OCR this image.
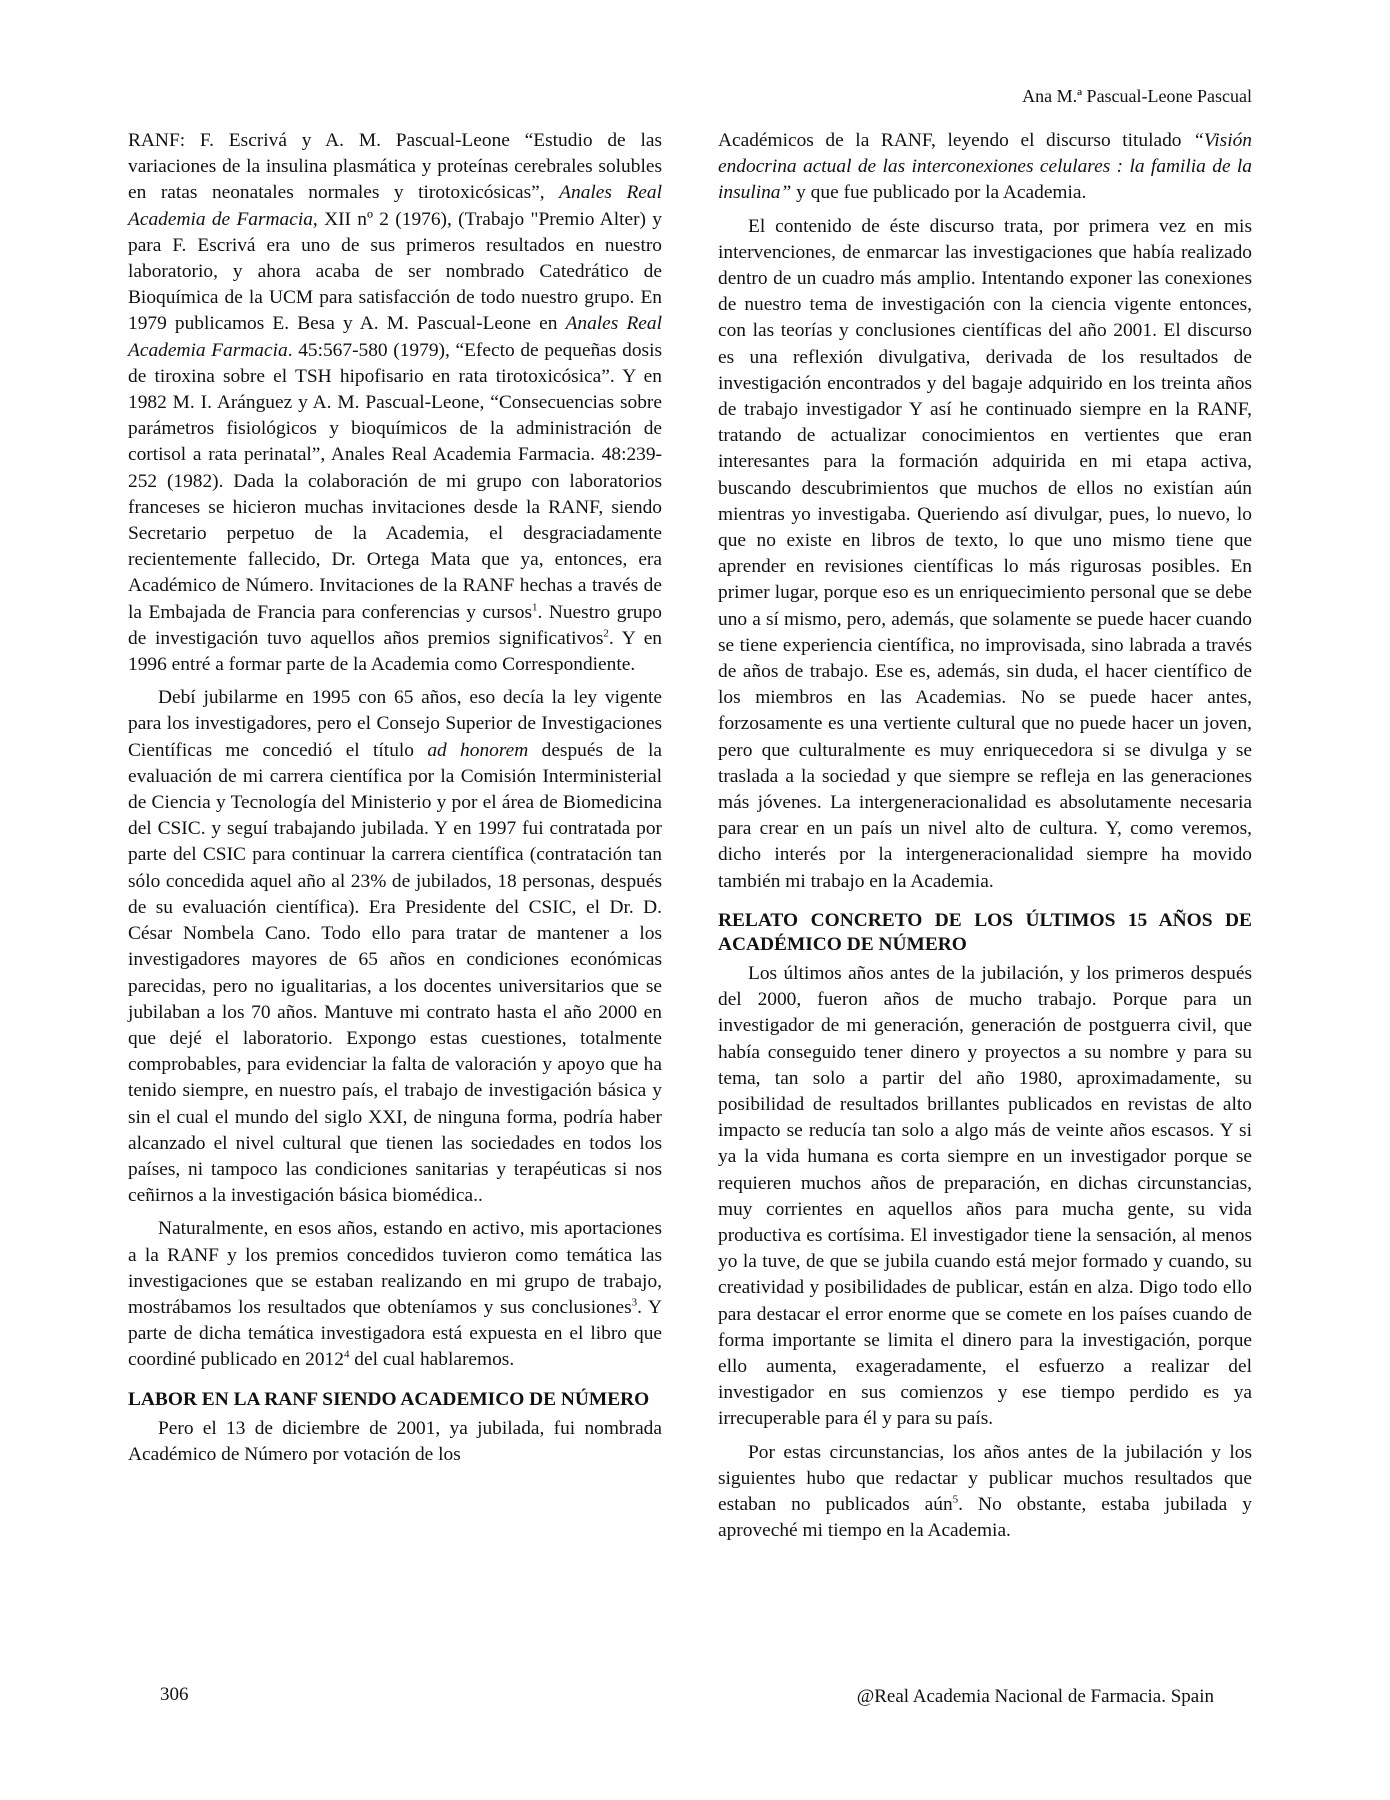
Ana M.ª Pascual-Leone Pascual

RANF: F. Escrivá y A. M. Pascual-Leone “Estudio de las variaciones de la insulina plasmática y proteínas cerebrales solubles en ratas neonatales normales y tirotoxicósicas”, Anales Real Academia de Farmacia, XII nº 2 (1976), (Trabajo "Premio Alter) y para F. Escrivá era uno de sus primeros resultados en nuestro laboratorio, y ahora acaba de ser nombrado Catedrático de Bioquímica de la UCM para satisfacción de todo nuestro grupo. En 1979 publicamos E. Besa y A. M. Pascual-Leone en Anales Real Academia Farmacia. 45:567-580 (1979), “Efecto de pequeñas dosis de tiroxina sobre el TSH hipofisario en rata tirotoxicósica”. Y en 1982 M. I. Aránguez y A. M. Pascual-Leone, “Consecuencias sobre parámetros fisiológicos y bioquímicos de la administración de cortisol a rata perinatal”, Anales Real Academia Farmacia. 48:239-252 (1982). Dada la colaboración de mi grupo con laboratorios franceses se hicieron muchas invitaciones desde la RANF, siendo Secretario perpetuo de la Academia, el desgraciadamente recientemente fallecido, Dr. Ortega Mata que ya, entonces, era Académico de Número. Invitaciones de la RANF hechas a través de la Embajada de Francia para conferencias y cursos$^1$. Nuestro grupo de investigación tuvo aquellos años premios significativos$^2$. Y en 1996 entré a formar parte de la Academia como Correspondiente.

Debí jubilarme en 1995 con 65 años, eso decía la ley vigente para los investigadores, pero el Consejo Superior de Investigaciones Científicas me concedió el título ad honorem después de la evaluación de mi carrera científica por la Comisión Interministerial de Ciencia y Tecnología del Ministerio y por el área de Biomedicina del CSIC. y seguí trabajando jubilada. Y en 1997 fui contratada por parte del CSIC para continuar la carrera científica (contratación tan sólo concedida aquel año al 23% de jubilados, 18 personas, después de su evaluación científica). Era Presidente del CSIC, el Dr. D. César Nombela Cano. Todo ello para tratar de mantener a los investigadores mayores de 65 años en condiciones económicas parecidas, pero no igualitarias, a los docentes universitarios que se jubilaban a los 70 años. Mantuve mi contrato hasta el año 2000 en que dejé el laboratorio. Expongo estas cuestiones, totalmente comprobables, para evidenciar la falta de valoración y apoyo que ha tenido siempre, en nuestro país, el trabajo de investigación básica y sin el cual el mundo del siglo XXI, de ninguna forma, podría haber alcanzado el nivel cultural que tienen las sociedades en todos los países, ni tampoco las condiciones sanitarias y terapéuticas si nos ceñirnos a la investigación básica biomédica..

Naturalmente, en esos años, estando en activo, mis aportaciones a la RANF y los premios concedidos tuvieron como temática las investigaciones que se estaban realizando en mi grupo de trabajo, mostrábamos los resultados que obteníamos y sus conclusiones$^3$. Y parte de dicha temática investigadora está expuesta en el libro que coordiné publicado en 2012$^4$ del cual hablaremos.

LABOR EN LA RANF SIENDO ACADEMICO DE NÚMERO

Pero el 13 de diciembre de 2001, ya jubilada, fui nombrada Académico de Número por votación de los

Académicos de la RANF, leyendo el discurso titulado “Visión endocrina actual de las interconexiones celulares : la familia de la insulina” y que fue publicado por la Academia.

El contenido de éste discurso trata, por primera vez en mis intervenciones, de enmarcar las investigaciones que había realizado dentro de un cuadro más amplio. Intentando exponer las conexiones de nuestro tema de investigación con la ciencia vigente entonces, con las teorías y conclusiones científicas del año 2001. El discurso es una reflexión divulgativa, derivada de los resultados de investigación encontrados y del bagaje adquirido en los treinta años de trabajo investigador Y así he continuado siempre en la RANF, tratando de actualizar conocimientos en vertientes que eran interesantes para la formación adquirida en mi etapa activa, buscando descubrimientos que muchos de ellos no existían aún mientras yo investigaba. Queriendo así divulgar, pues, lo nuevo, lo que no existe en libros de texto, lo que uno mismo tiene que aprender en revisiones científicas lo más rigurosas posibles. En primer lugar, porque eso es un enriquecimiento personal que se debe uno a sí mismo, pero, además, que solamente se puede hacer cuando se tiene experiencia científica, no improvisada, sino labrada a través de años de trabajo. Ese es, además, sin duda, el hacer científico de los miembros en las Academias. No se puede hacer antes, forzosamente es una vertiente cultural que no puede hacer un joven, pero que culturalmente es muy enriquecedora si se divulga y se traslada a la sociedad y que siempre se refleja en las generaciones más jóvenes. La intergeneracionalidad es absolutamente necesaria para crear en un país un nivel alto de cultura. Y, como veremos, dicho interés por la intergeneracionalidad siempre ha movido también mi trabajo en la Academia.

RELATO CONCRETO DE LOS ÚLTIMOS 15 AÑOS DE ACADÉMICO DE NÚMERO

Los últimos años antes de la jubilación, y los primeros después del 2000, fueron años de mucho trabajo. Porque para un investigador de mi generación, generación de postguerra civil, que había conseguido tener dinero y proyectos a su nombre y para su tema, tan solo a partir del año 1980, aproximadamente, su posibilidad de resultados brillantes publicados en revistas de alto impacto se reducía tan solo a algo más de veinte años escasos. Y si ya la vida humana es corta siempre en un investigador porque se requieren muchos años de preparación, en dichas circunstancias, muy corrientes en aquellos años para mucha gente, su vida productiva es cortísima. El investigador tiene la sensación, al menos yo la tuve, de que se jubila cuando está mejor formado y cuando, su creatividad y posibilidades de publicar, están en alza. Digo todo ello para destacar el error enorme que se comete en los países cuando de forma importante se limita el dinero para la investigación, porque ello aumenta, exageradamente, el esfuerzo a realizar del investigador en sus comienzos y ese tiempo perdido es ya irrecuperable para él y para su país.

Por estas circunstancias, los años antes de la jubilación y los siguientes hubo que redactar y publicar muchos resultados que estaban no publicados aún$^5$. No obstante, estaba jubilada y aproveché mi tiempo en la Academia.

306	@Real Academia Nacional de Farmacia. Spain
